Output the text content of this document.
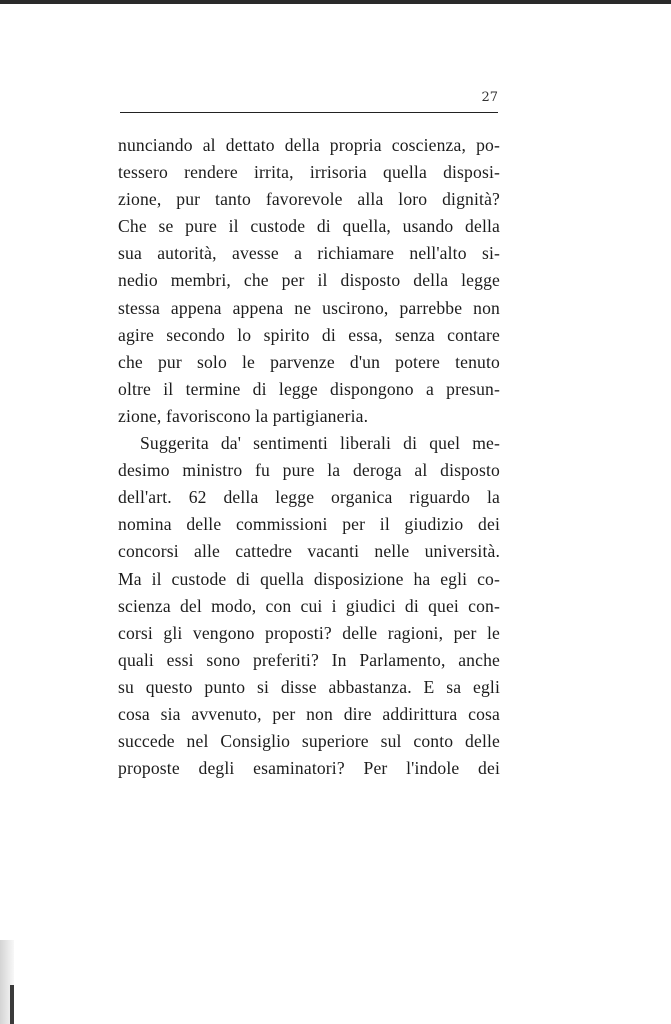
27
nunciando al dettato della propria coscienza, po-
tessero rendere irrita, irrisoria quella disposi-
zione, pur tanto favorevole alla loro dignità?
Che se pure il custode di quella, usando della
sua autorità, avesse a richiamare nell'alto si-
nedio membri, che per il disposto della legge
stessa appena appena ne uscirono, parrebbe non
agire secondo lo spirito di essa, senza contare
che pur solo le parvenze d'un potere tenuto
oltre il termine di legge dispongono a presun-
zione, favoriscono la partigianeria.
Suggerita da' sentimenti liberali di quel me-
desimo ministro fu pure la deroga al disposto
dell'art. 62 della legge organica riguardo la
nomina delle commissioni per il giudizio dei
concorsi alle cattedre vacanti nelle università.
Ma il custode di quella disposizione ha egli co-
scienza del modo, con cui i giudici di quei con-
corsi gli vengono proposti? delle ragioni, per le
quali essi sono preferiti? In Parlamento, anche
su questo punto si disse abbastanza. E sa egli
cosa sia avvenuto, per non dire addirittura cosa
succede nel Consiglio superiore sul conto delle
proposte degli esaminatori? Per l'indole dei
